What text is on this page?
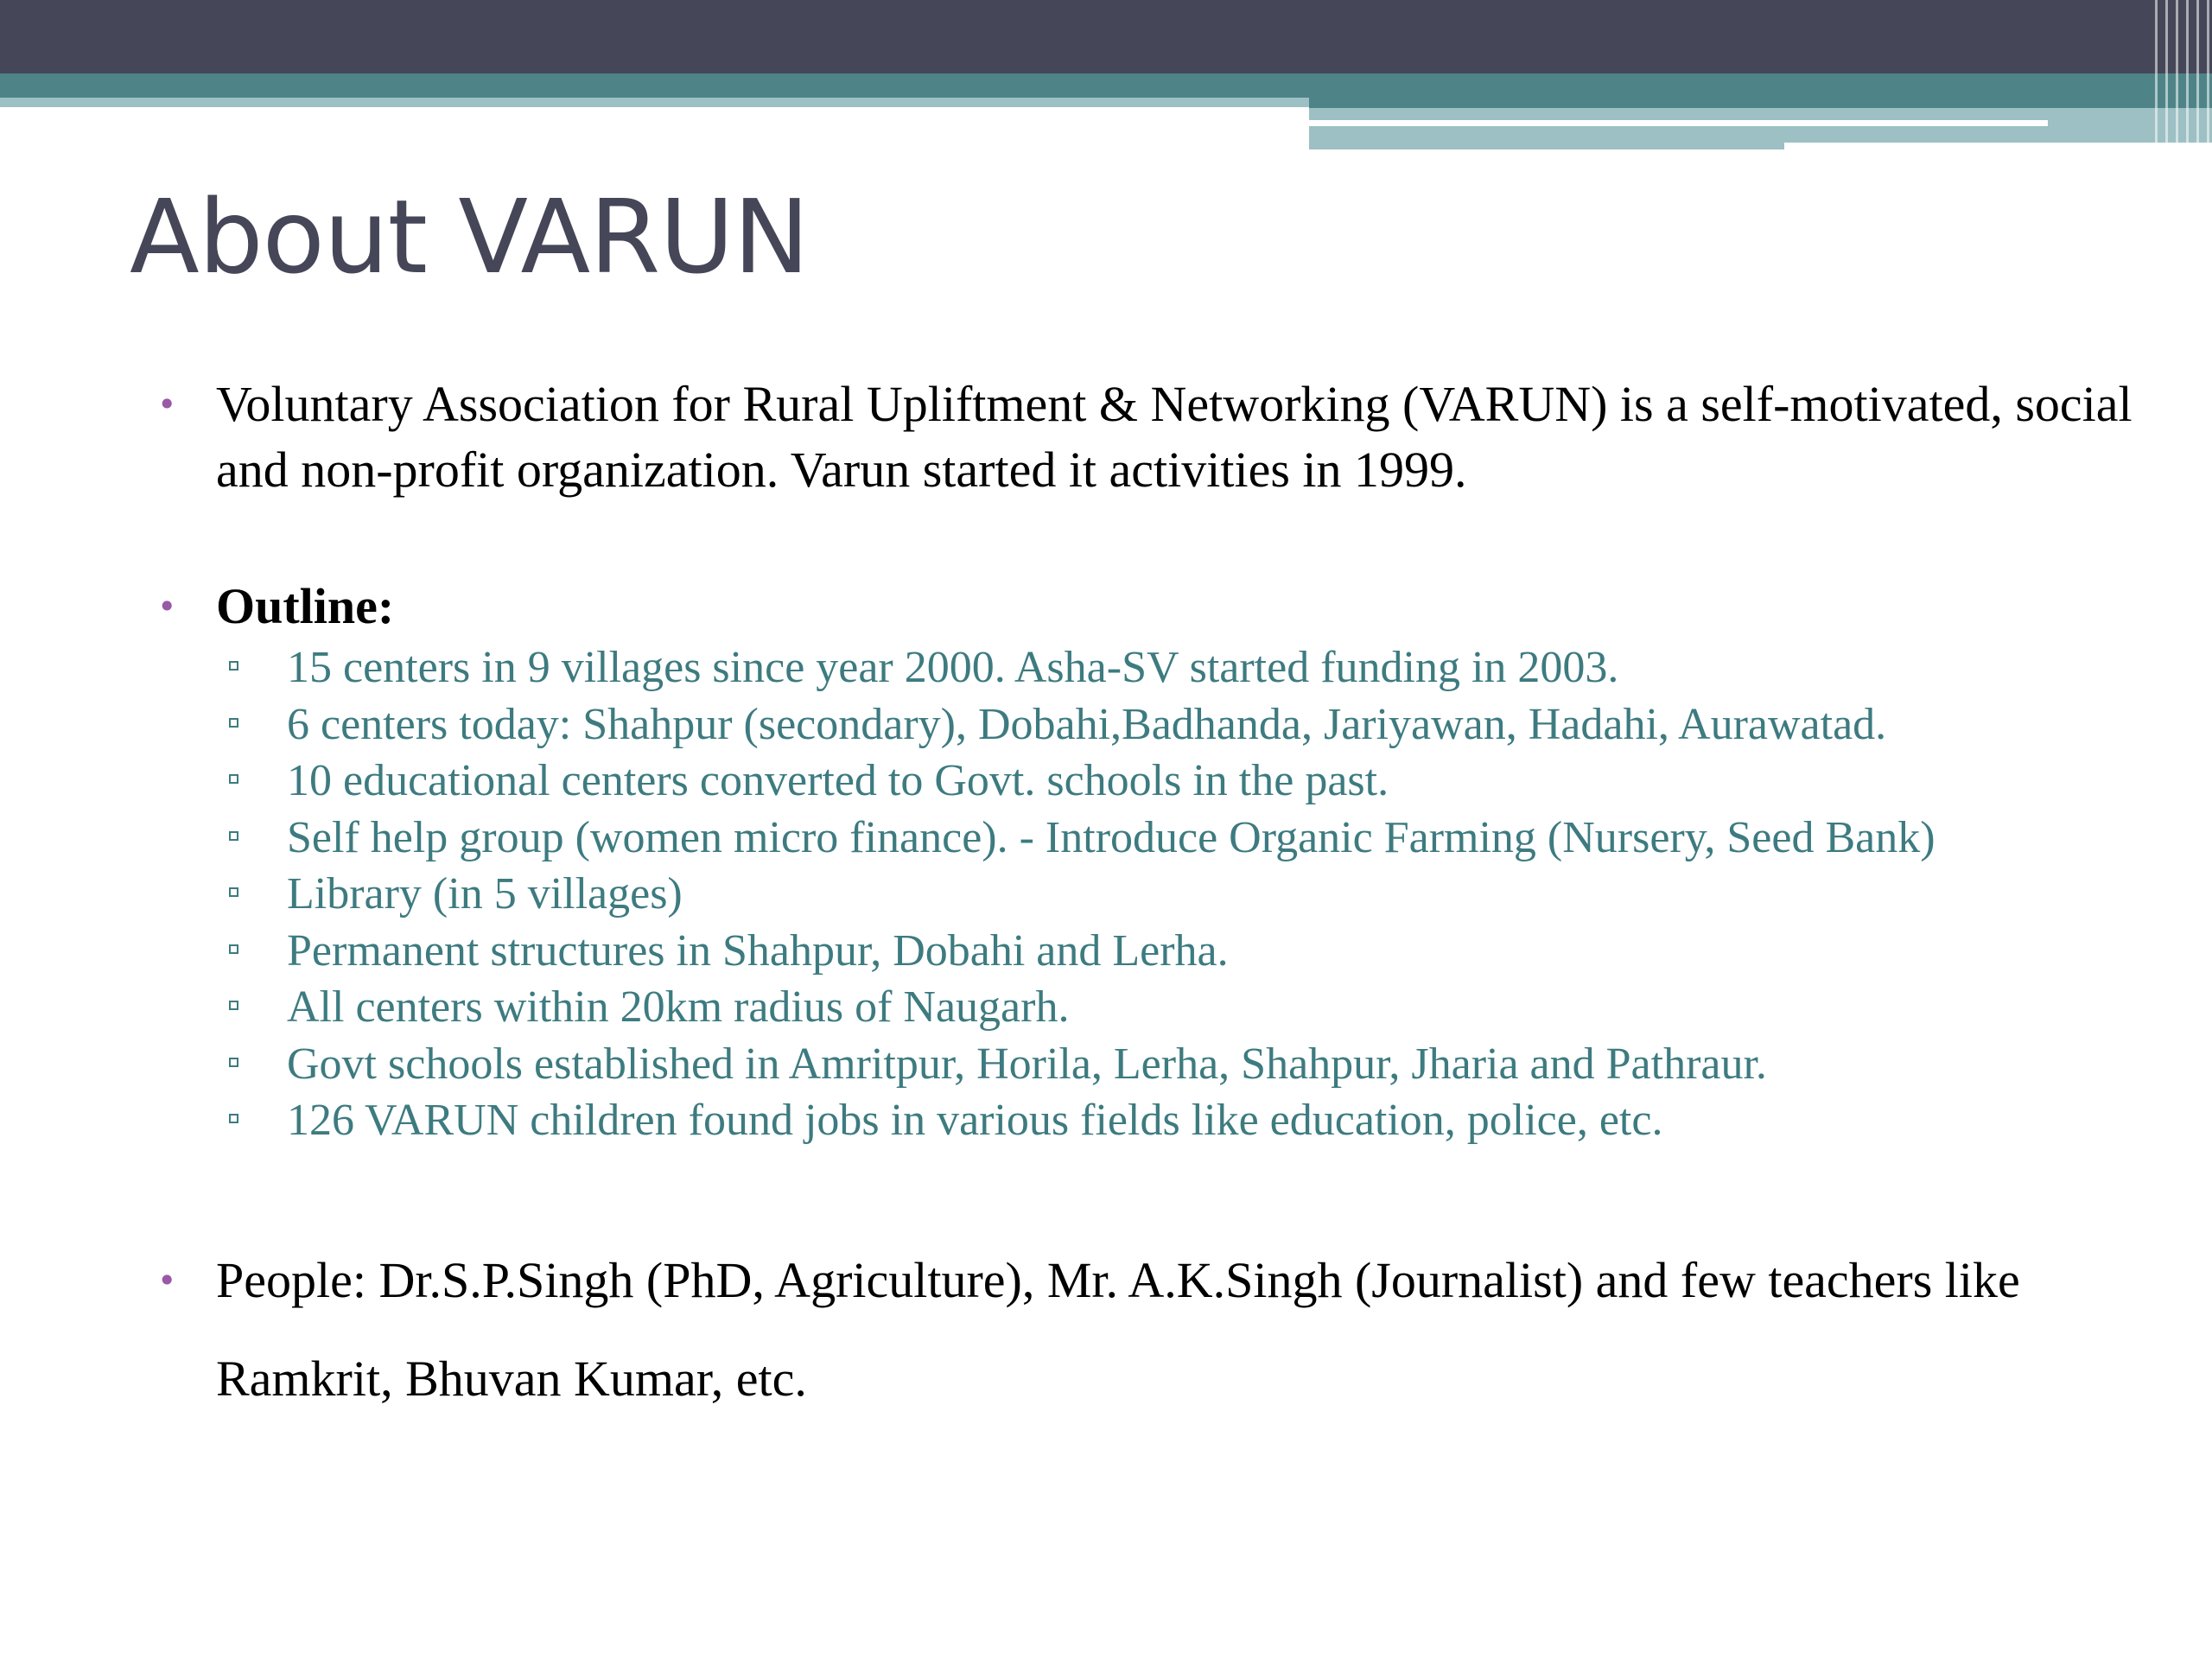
About VARUN
• Voluntary Association for Rural Upliftment & Networking (VARUN) is a self-motivated, social and non-profit organization. Varun started it activities in 1999.
• Outline:
15 centers in 9 villages since year 2000. Asha-SV started funding in 2003.
6 centers today: Shahpur (secondary), Dobahi,Badhanda, Jariyawan, Hadahi, Aurawatad.
10 educational centers converted to Govt. schools in the past.
Self help group (women micro finance). - Introduce Organic Farming (Nursery, Seed Bank)
Library (in 5 villages)
Permanent structures in Shahpur, Dobahi and Lerha.
All centers within 20km radius of Naugarh.
Govt schools established in Amritpur, Horila, Lerha, Shahpur, Jharia and Pathraur.
126 VARUN children found jobs in various fields like education, police, etc.
• People: Dr.S.P.Singh (PhD, Agriculture), Mr. A.K.Singh (Journalist) and few teachers like Ramkrit, Bhuvan Kumar, etc.
